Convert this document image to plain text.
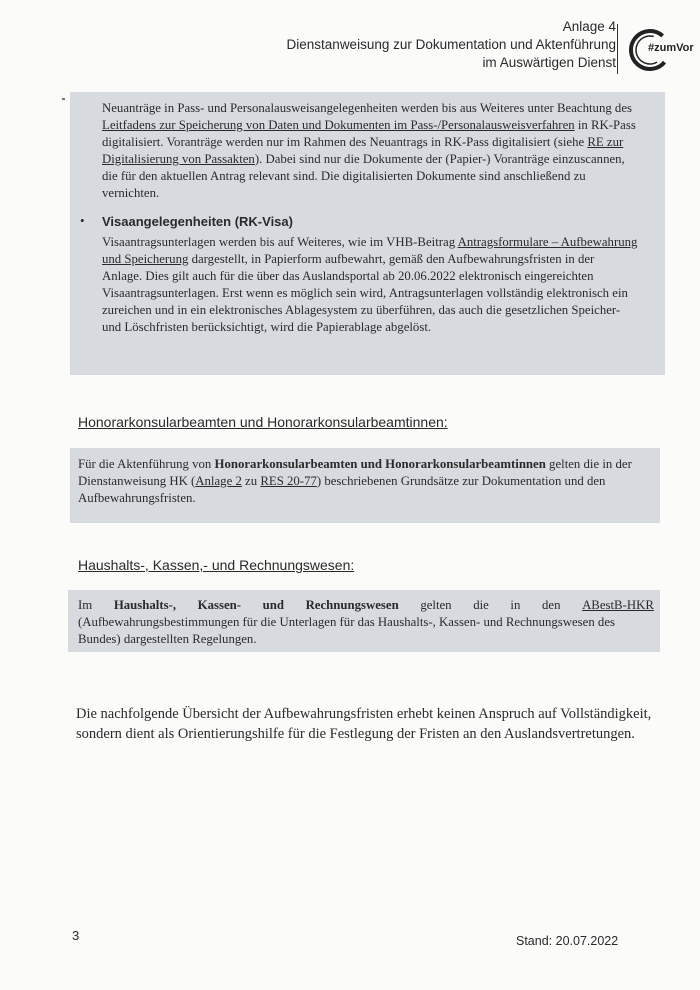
Anlage 4
Dienstanweisung zur Dokumentation und Aktenführung
im Auswärtigen Dienst
#zumVor
Neuanträge in Pass- und Personalausweisangelegenheiten werden bis aus Weiteres unter Beachtung des
Leitfadens zur Speicherung von Daten und Dokumenten im Pass-/Personalausweisverfahren in RK-Pass
digitalisiert. Voranträge werden nur im Rahmen des Neuantrags in RK-Pass digitalisiert (siehe RE zur
Digitalisierung von Passakten). Dabei sind nur die Dokumente der (Papier-) Voranträge einzuscannen,
die für den aktuellen Antrag relevant sind. Die digitalisierten Dokumente sind anschließend zu
vernichten.
• Visaangelegenheiten (RK-Visa)
Visaantragsunterlagen werden bis auf Weiteres, wie im VHB-Beitrag Antragsformulare – Aufbewahrung
und Speicherung dargestellt, in Papierform aufbewahrt, gemäß den Aufbewahrungsfristen in der
Anlage. Dies gilt auch für die über das Auslandsportal ab 20.06.2022 elektronisch eingereichten
Visaantragsunterlagen. Erst wenn es möglich sein wird, Antragsunterlagen vollständig elektronisch ein
zureichen und in ein elektronisches Ablagesystem zu überführen, das auch die gesetzlichen Speicher-
und Löschfristen berücksichtigt, wird die Papierablage abgelöst.
Honorarkonsularbeamten und Honorarkonsularbeamtinnen:
Für die Aktenführung von Honorarkonsularbeamten und Honorarkonsularbeamtinnen gelten die in der
Dienstanweisung HK (Anlage 2 zu RES 20-77) beschriebenen Grundsätze zur Dokumentation und den
Aufbewahrungsfristen.
Haushalts-, Kassen,- und Rechnungswesen:
Im Haushalts-, Kassen- und Rechnungswesen gelten die in den ABestB-HKR
(Aufbewahrungsbestimmungen für die Unterlagen für das Haushalts-, Kassen- und Rechnungswesen des
Bundes) dargestellten Regelungen.
Die nachfolgende Übersicht der Aufbewahrungsfristen erhebt keinen Anspruch auf Vollständigkeit,
sondern dient als Orientierungshilfe für die Festlegung der Fristen an den Auslandsvertretungen.
3	Stand: 20.07.2022
